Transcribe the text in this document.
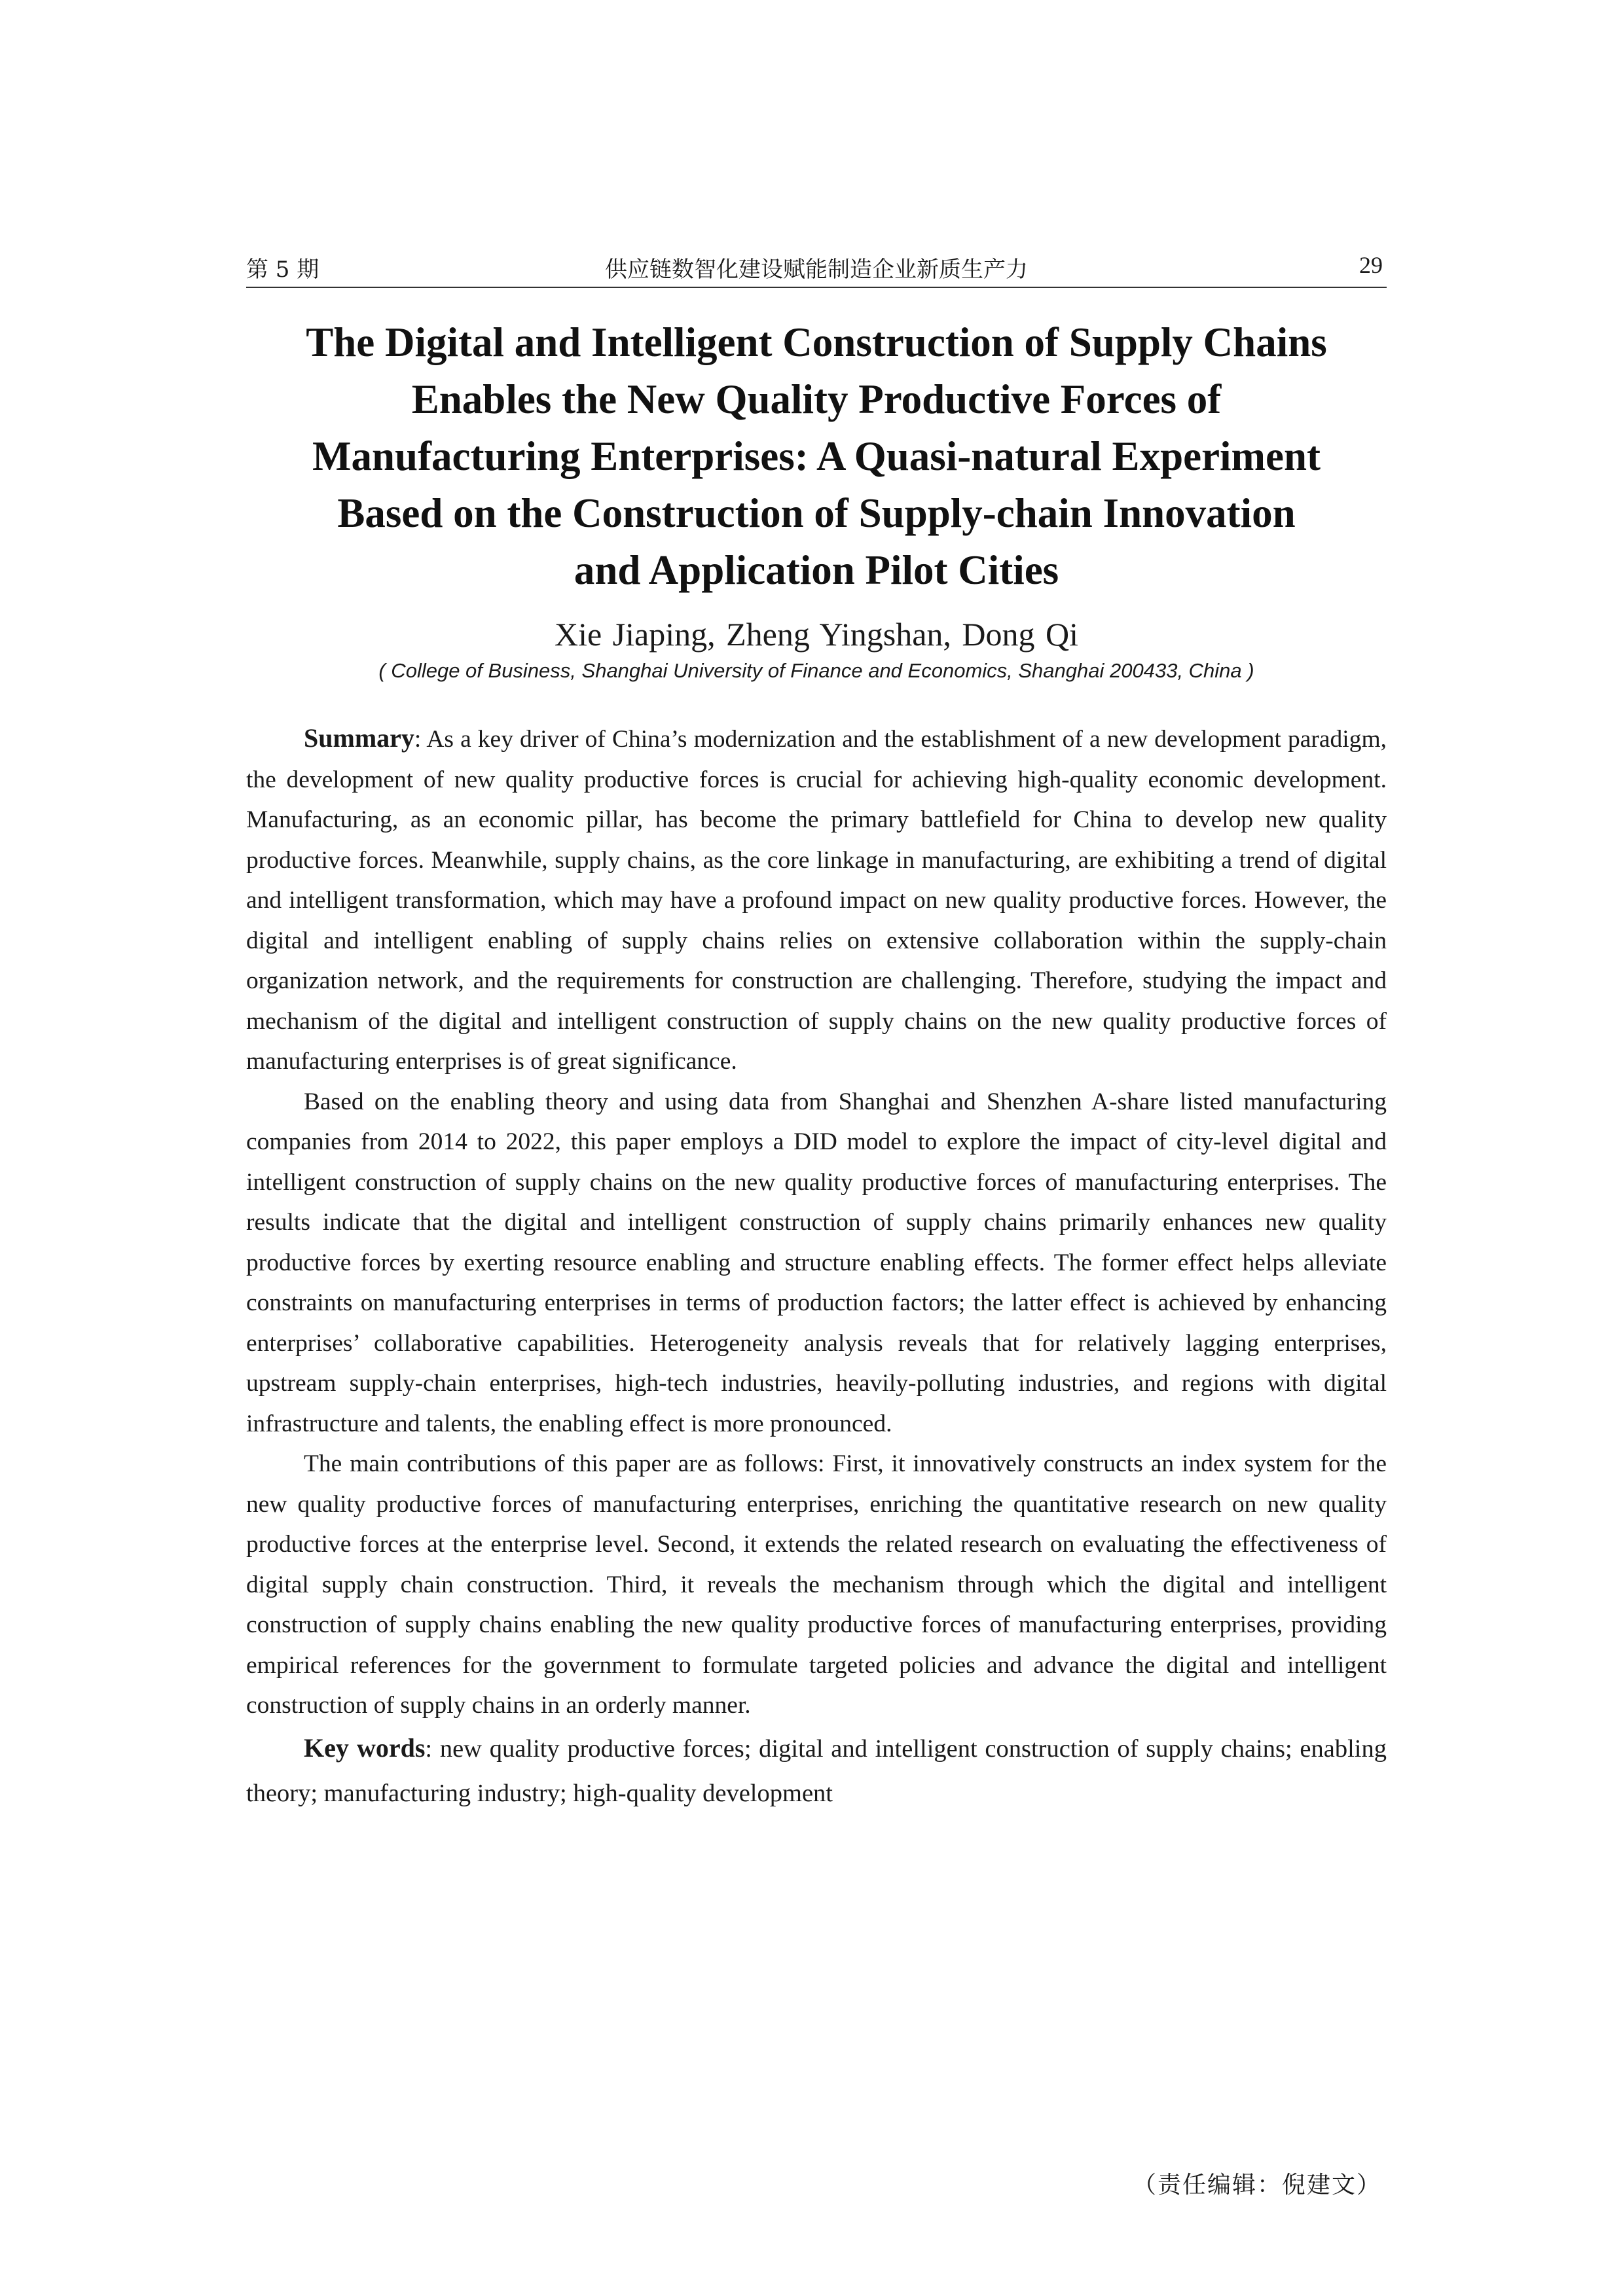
第 5 期	供应链数智化建设赋能制造企业新质生产力	29
The Digital and Intelligent Construction of Supply Chains
Enables the New Quality Productive Forces of
Manufacturing Enterprises: A Quasi-natural Experiment
Based on the Construction of Supply-chain Innovation
and Application Pilot Cities
Xie Jiaping, Zheng Yingshan, Dong Qi
( College of Business, Shanghai University of Finance and Economics, Shanghai 200433, China )

Summary: As a key driver of China’s modernization and the establishment of a new development paradigm, the development of new quality productive forces is crucial for achieving high-quality economic development. Manufacturing, as an economic pillar, has become the primary battlefield for China to develop new quality productive forces. Meanwhile, supply chains, as the core linkage in manufacturing, are exhibiting a trend of digital and intelligent transformation, which may have a profound impact on new quality productive forces. However, the digital and intelligent enabling of supply chains relies on extensive collaboration within the supply-chain organization network, and the requirements for construction are challenging. Therefore, studying the impact and mechanism of the digital and intelligent construction of supply chains on the new quality productive forces of manufacturing enterprises is of great significance.

Based on the enabling theory and using data from Shanghai and Shenzhen A-share listed manufacturing companies from 2014 to 2022, this paper employs a DID model to explore the impact of city-level digital and intelligent construction of supply chains on the new quality productive forces of manufacturing enterprises. The results indicate that the digital and intelligent construction of supply chains primarily enhances new quality productive forces by exerting resource enabling and structure enabling effects. The former effect helps alleviate constraints on manufacturing enterprises in terms of production factors; the latter effect is achieved by enhancing enterprises’ collaborative capabilities. Heterogeneity analysis reveals that for relatively lagging enterprises, upstream supply-chain enterprises, high-tech industries, heavily-polluting industries, and regions with digital infrastructure and talents, the enabling effect is more pronounced.

The main contributions of this paper are as follows: First, it innovatively constructs an index system for the new quality productive forces of manufacturing enterprises, enriching the quantitative research on new quality productive forces at the enterprise level. Second, it extends the related research on evaluating the effectiveness of digital supply chain construction. Third, it reveals the mechanism through which the digital and intelligent construction of supply chains enabling the new quality productive forces of manufacturing enterprises, providing empirical references for the government to formulate targeted policies and advance the digital and intelligent construction of supply chains in an orderly manner.

Key words: new quality productive forces; digital and intelligent construction of supply chains; enabling theory; manufacturing industry; high-quality development

（责任编辑：倪建文）
